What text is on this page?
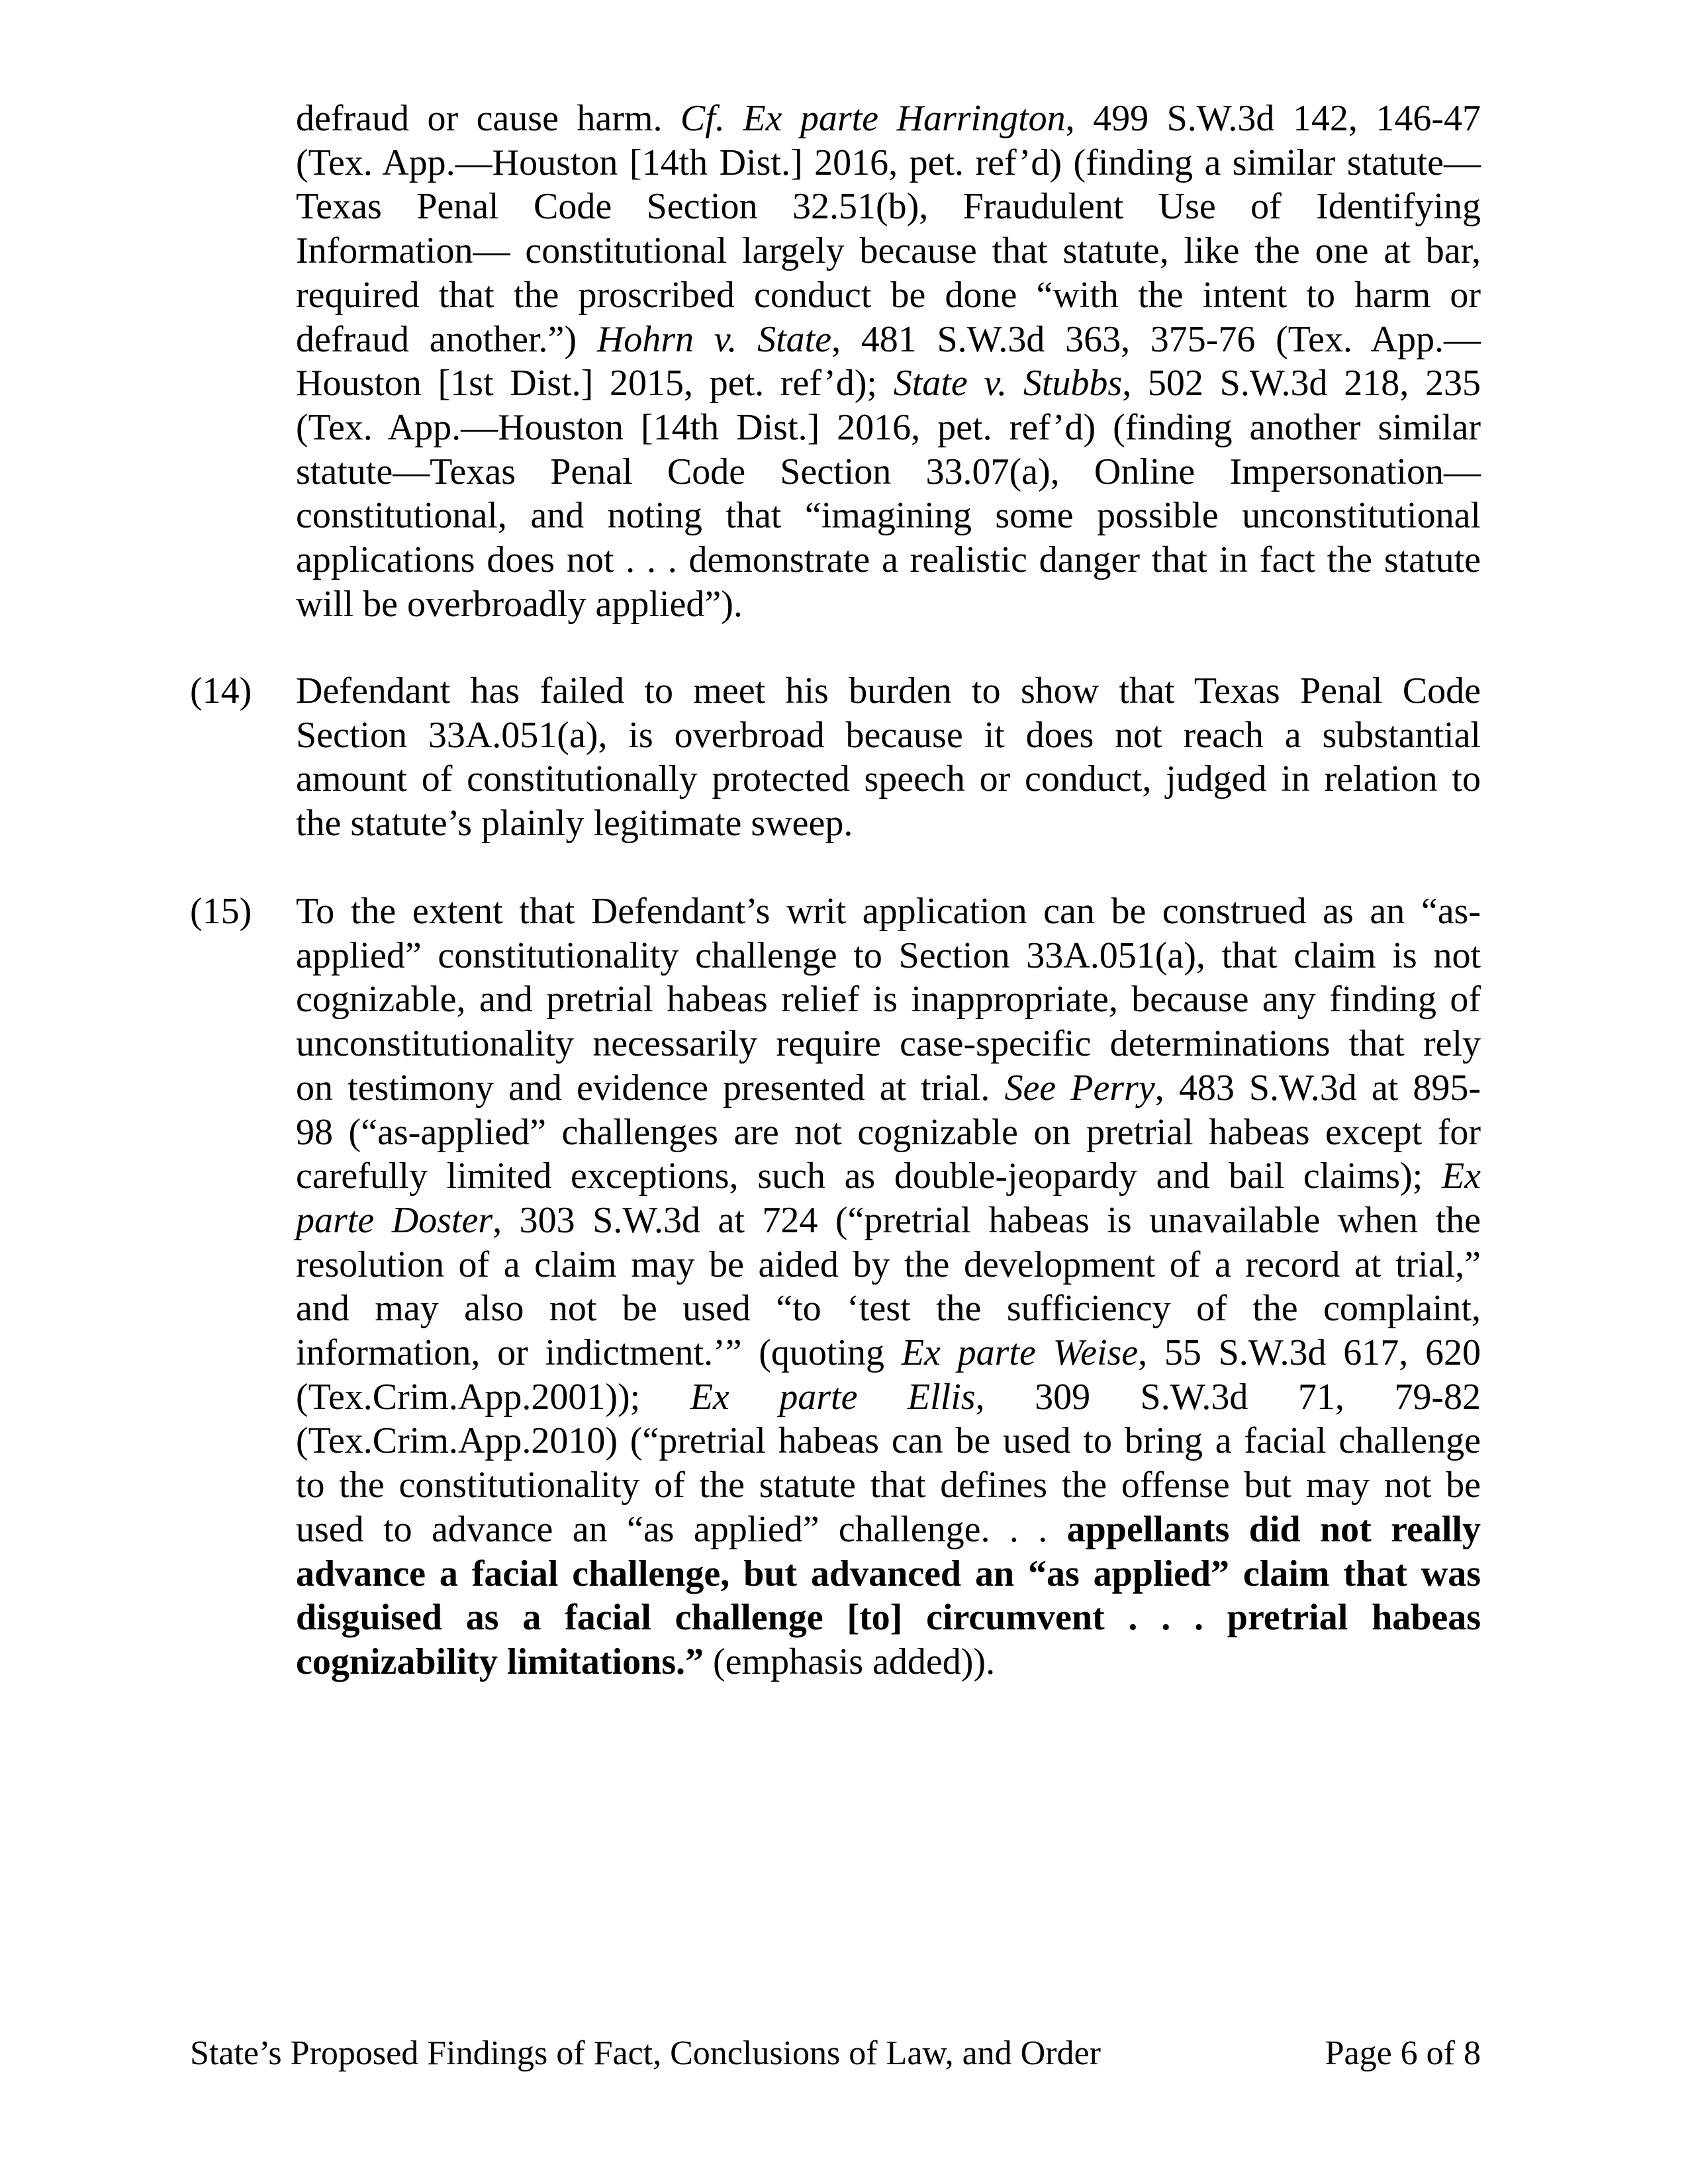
defraud or cause harm. Cf. Ex parte Harrington, 499 S.W.3d 142, 146-47
(Tex. App.—Houston [14th Dist.] 2016, pet. ref’d) (finding a similar statute—
Texas Penal Code Section 32.51(b), Fraudulent Use of Identifying
Information— constitutional largely because that statute, like the one at bar,
required that the proscribed conduct be done “with the intent to harm or
defraud another.”) Hohrn v. State, 481 S.W.3d 363, 375-76 (Tex. App.—
Houston [1st Dist.] 2015, pet. ref’d); State v. Stubbs, 502 S.W.3d 218, 235
(Tex. App.—Houston [14th Dist.] 2016, pet. ref’d) (finding another similar
statute—Texas Penal Code Section 33.07(a), Online Impersonation—
constitutional, and noting that “imagining some possible unconstitutional
applications does not . . . demonstrate a realistic danger that in fact the statute
will be overbroadly applied”).
(14) Defendant has failed to meet his burden to show that Texas Penal Code
Section 33A.051(a), is overbroad because it does not reach a substantial
amount of constitutionally protected speech or conduct, judged in relation to
the statute’s plainly legitimate sweep.
(15) To the extent that Defendant’s writ application can be construed as an “as-
applied” constitutionality challenge to Section 33A.051(a), that claim is not
cognizable, and pretrial habeas relief is inappropriate, because any finding of
unconstitutionality necessarily require case-specific determinations that rely
on testimony and evidence presented at trial. See Perry, 483 S.W.3d at 895-
98 (“as-applied” challenges are not cognizable on pretrial habeas except for
carefully limited exceptions, such as double-jeopardy and bail claims); Ex
parte Doster, 303 S.W.3d at 724 (“pretrial habeas is unavailable when the
resolution of a claim may be aided by the development of a record at trial,”
and may also not be used “to ‘test the sufficiency of the complaint,
information, or indictment.’” (quoting Ex parte Weise, 55 S.W.3d 617, 620
(Tex.Crim.App.2001)); Ex parte Ellis, 309 S.W.3d 71, 79-82
(Tex.Crim.App.2010) (“pretrial habeas can be used to bring a facial challenge
to the constitutionality of the statute that defines the offense but may not be
used to advance an “as applied” challenge. . . appellants did not really
advance a facial challenge, but advanced an “as applied” claim that was
disguised as a facial challenge [to] circumvent . . . pretrial habeas
cognizability limitations.” (emphasis added)).
State’s Proposed Findings of Fact, Conclusions of Law, and Order	Page 6 of 8
